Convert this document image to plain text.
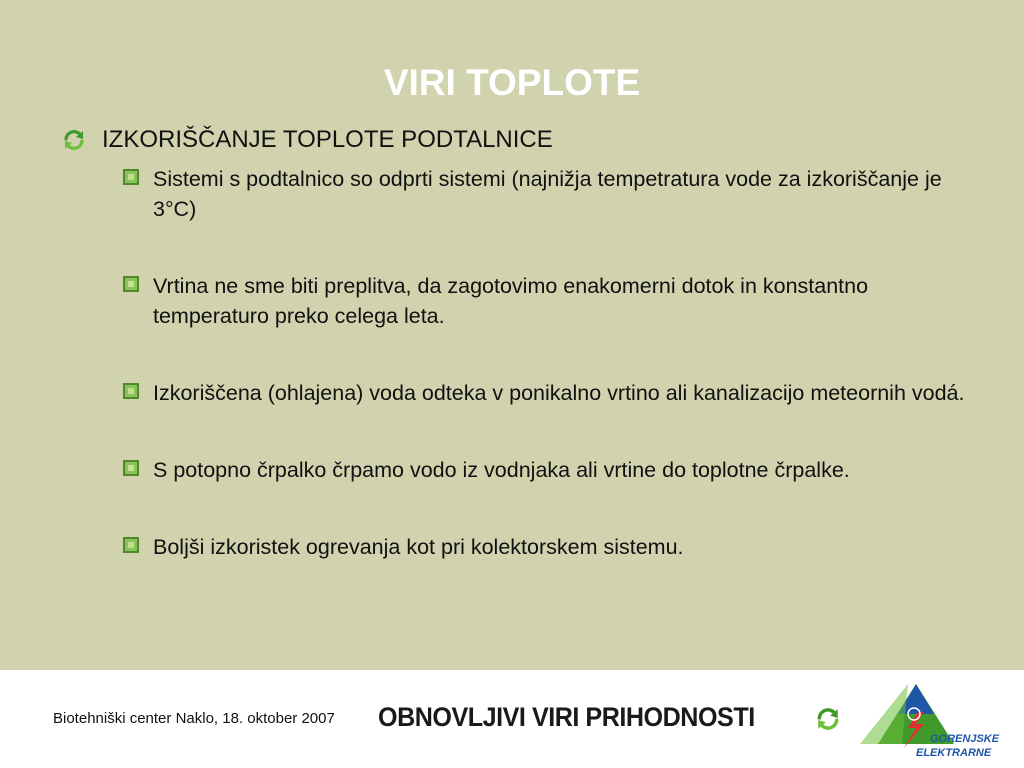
VIRI TOPLOTE
IZKORIŠČANJE TOPLOTE PODTALNICE
Sistemi s podtalnico so odprti sistemi (najnižja tempetratura vode za izkoriščanje je 3°C)
Vrtina ne sme biti preplitva, da zagotovimo enakomerni dotok in konstantno temperaturo preko celega leta.
Izkoriščena (ohlajena) voda odteka v ponikalno vrtino ali kanalizacijo meteornih vodá.
S potopno črpalko črpamo vodo iz vodnjaka ali vrtine do toplotne črpalke.
Boljši izkoristek ogrevanja kot pri kolektorskem sistemu.
Biotehniški center Naklo, 18. oktober 2007 OBNOVLJIVI VIRI PRIHODNOSTI
GORENJSKE
ELEKTRARNE
